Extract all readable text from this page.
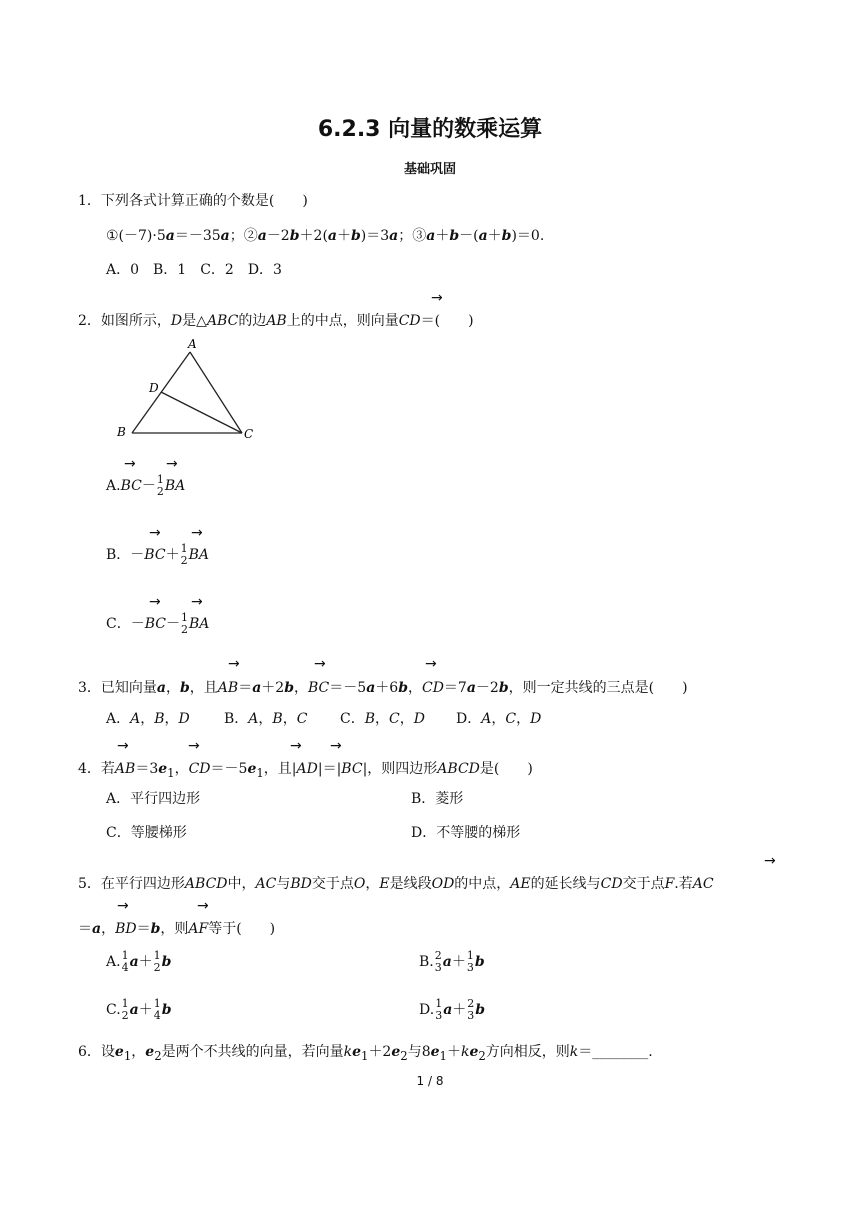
6.2.3 向量的数乘运算
基础巩固
1．下列各式计算正确的个数是(　　)
①(－7)·5a＝－35a；②a－2b＋2(a＋b)＝3a；③a＋b－(a＋b)＝0.
A．0　B．1　C．2　D．3
→
2．如图所示，D是△ABC的边AB上的中点，则向量CD＝(　　)
A
D
B	C
→ →
A.BC－ 1
2 BA
→ →
B．－BC＋ 1
2 BA
→ →
C．－BC－ 1
2 BA
→	→	→
3．已知向量a，b，且AB＝a＋2b，BC＝－5a＋6b，CD＝7a－2b，则一定共线的三点是(　　)
A．A，B，D B．A，B，C C．B，C，D D．A，C，D
→	→	→ →
4．若$AB=3e_1$，$CD=-5e_1$，且|AD|＝|BC|，则四边形ABCD是(　　)
A．平行四边形	B．菱形
C．等腰梯形	D．不等腰的梯形
→
5．在平行四边形ABCD中，AC与BD交于点O，E是线段OD的中点，AE的延长线与CD交于点F.若AC
→	→
＝a，BD＝b，则AF等于(　　)
A. 1
4 a＋ 1
2 b	B. 2
3 a＋ 1
3 b
C. 1
2 a＋ 1
4 b	D. 1
3 a＋ 2
3 b
6．设$e_1$，$e_2$是两个不共线的向量，若向量$ke_1+2e_2$与$8e_1+ke_2$方向相反，则k＝________.
1 / 8
